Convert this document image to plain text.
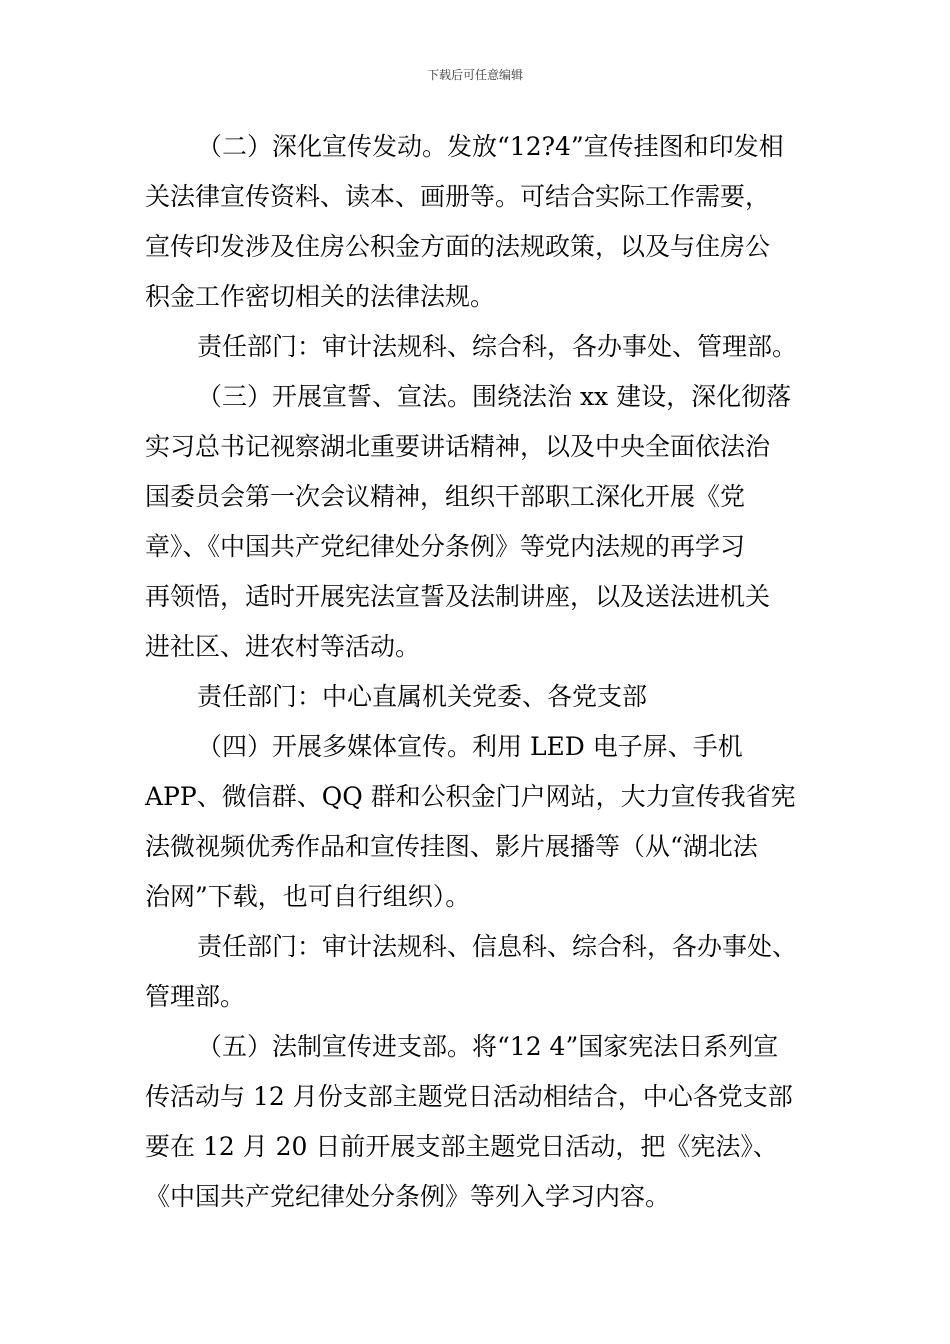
下载后可任意编辑
（二）深化宣传发动。发放“12?4”宣传挂图和印发相
关法律宣传资料、读本、画册等。可结合实际工作需要，
宣传印发涉及住房公积金方面的法规政策，以及与住房公
积金工作密切相关的法律法规。
责任部门：审计法规科、综合科，各办事处、管理部。
（三）开展宣誓、宣法。围绕法治 xx 建设，深化彻落
实习总书记视察湖北重要讲话精神，以及中央全面依法治
国委员会第一次会议精神，组织干部职工深化开展《党
章》、《中国共产党纪律处分条例》等党内法规的再学习
再领悟，适时开展宪法宣誓及法制讲座，以及送法进机关
进社区、进农村等活动。
责任部门：中心直属机关党委、各党支部
（四）开展多媒体宣传。利用 LED 电子屏、手机
APP、微信群、QQ 群和公积金门户网站，大力宣传我省宪
法微视频优秀作品和宣传挂图、影片展播等（从“湖北法
治网”下载，也可自行组织）。
责任部门：审计法规科、信息科、综合科，各办事处、
管理部。
（五）法制宣传进支部。将“12 4”国家宪法日系列宣
传活动与 12 月份支部主题党日活动相结合，中心各党支部
要在 12 月 20 日前开展支部主题党日活动，把《宪法》、
《中国共产党纪律处分条例》等列入学习内容。
